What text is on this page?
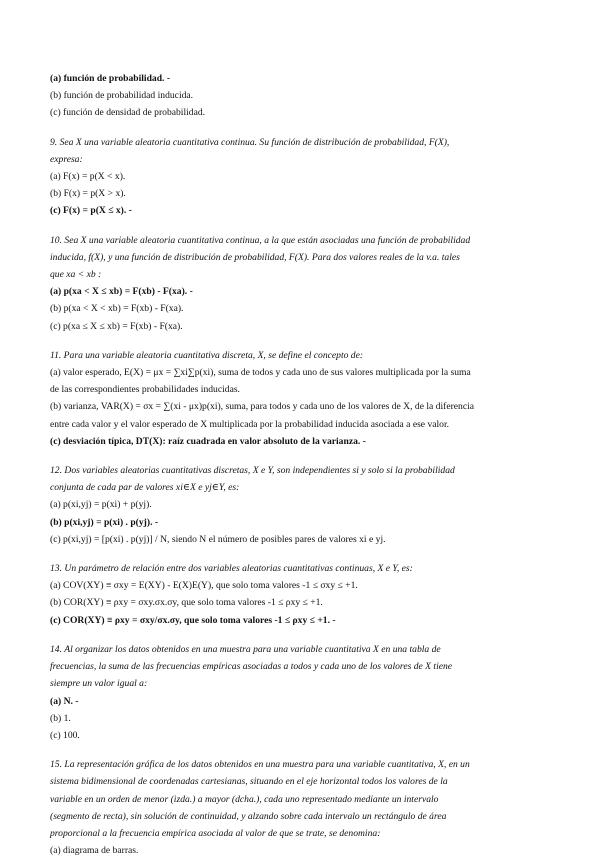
(a) función de probabilidad. -
(b) función de probabilidad inducida.
(c) función de densidad de probabilidad.
9. Sea X una variable aleatoria cuantitativa continua. Su función de distribución de probabilidad, F(X),
expresa:
(a) F(x) = p(X < x).
(b) F(x) = p(X > x).
(c) F(x) = p(X ≤ x). -
10. Sea X una variable aleatoria cuantitativa continua, a la que están asociadas una función de probabilidad
inducida, f(X), y una función de distribución de probabilidad, F(X). Para dos valores reales de la v.a. tales
que xa < xb :
(a) p(xa < X ≤ xb) = F(xb) - F(xa). -
(b) p(xa < X < xb) = F(xb) - F(xa).
(c) p(xa ≤ X ≤ xb) = F(xb) - F(xa).
11. Para una variable aleatoria cuantitativa discreta, X, se define el concepto de:
(a) valor esperado, E(X) = μx = ∑xi∑p(xi), suma de todos y cada uno de sus valores multiplicada por la suma
de las correspondientes probabilidades inducidas.
(b) varianza, VAR(X) = σx = ∑(xi - μx)p(xi), suma, para todos y cada uno de los valores de X, de la diferencia
entre cada valor y el valor esperado de X multiplicada por la probabilidad inducida asociada a ese valor.
(c) desviación típica, DT(X): raíz cuadrada en valor absoluto de la varianza. -
12. Dos variables aleatorias cuantitativas discretas, X e Y, son independientes si y solo si la probabilidad
conjunta de cada par de valores xi∈X e yj∈Y, es:
(a) p(xi,yj) = p(xi) + p(yj).
(b) p(xi,yj) = p(xi) . p(yj). -
(c) p(xi,yj) = [p(xi) . p(yj)] / N, siendo N el número de posibles pares de valores xi e yj.
13. Un parámetro de relación entre dos variables aleatorias cuantitativas continuas, X e Y, es:
(a) COV(XY) ≡ σxy = E(XY) - E(X)E(Y), que solo toma valores -1 ≤ σxy ≤ +1.
(b) COR(XY) ≡ ρxy = σxy.σx.σy, que solo toma valores -1 ≤ ρxy ≤ +1.
(c) COR(XY) ≡ ρxy = σxy/σx.σy, que solo toma valores -1 ≤ ρxy ≤ +1. -
14. Al organizar los datos obtenidos en una muestra para una variable cuantitativa X en una tabla de
frecuencias, la suma de las frecuencias empíricas asociadas a todos y cada uno de los valores de X tiene
siempre un valor igual a:
(a) N. -
(b) 1.
(c) 100.
15. La representación gráfica de los datos obtenidos en una muestra para una variable cuantitativa, X, en un
sistema bidimensional de coordenadas cartesianas, situando en el eje horizontal todos los valores de la
variable en un orden de menor (izda.) a mayor (dcha.), cada uno representado mediante un intervalo
(segmento de recta), sin solución de continuidad, y alzando sobre cada intervalo un rectángulo de área
proporcional a la frecuencia empírica asociada al valor de que se trate, se denomina:
(a) diagrama de barras.
